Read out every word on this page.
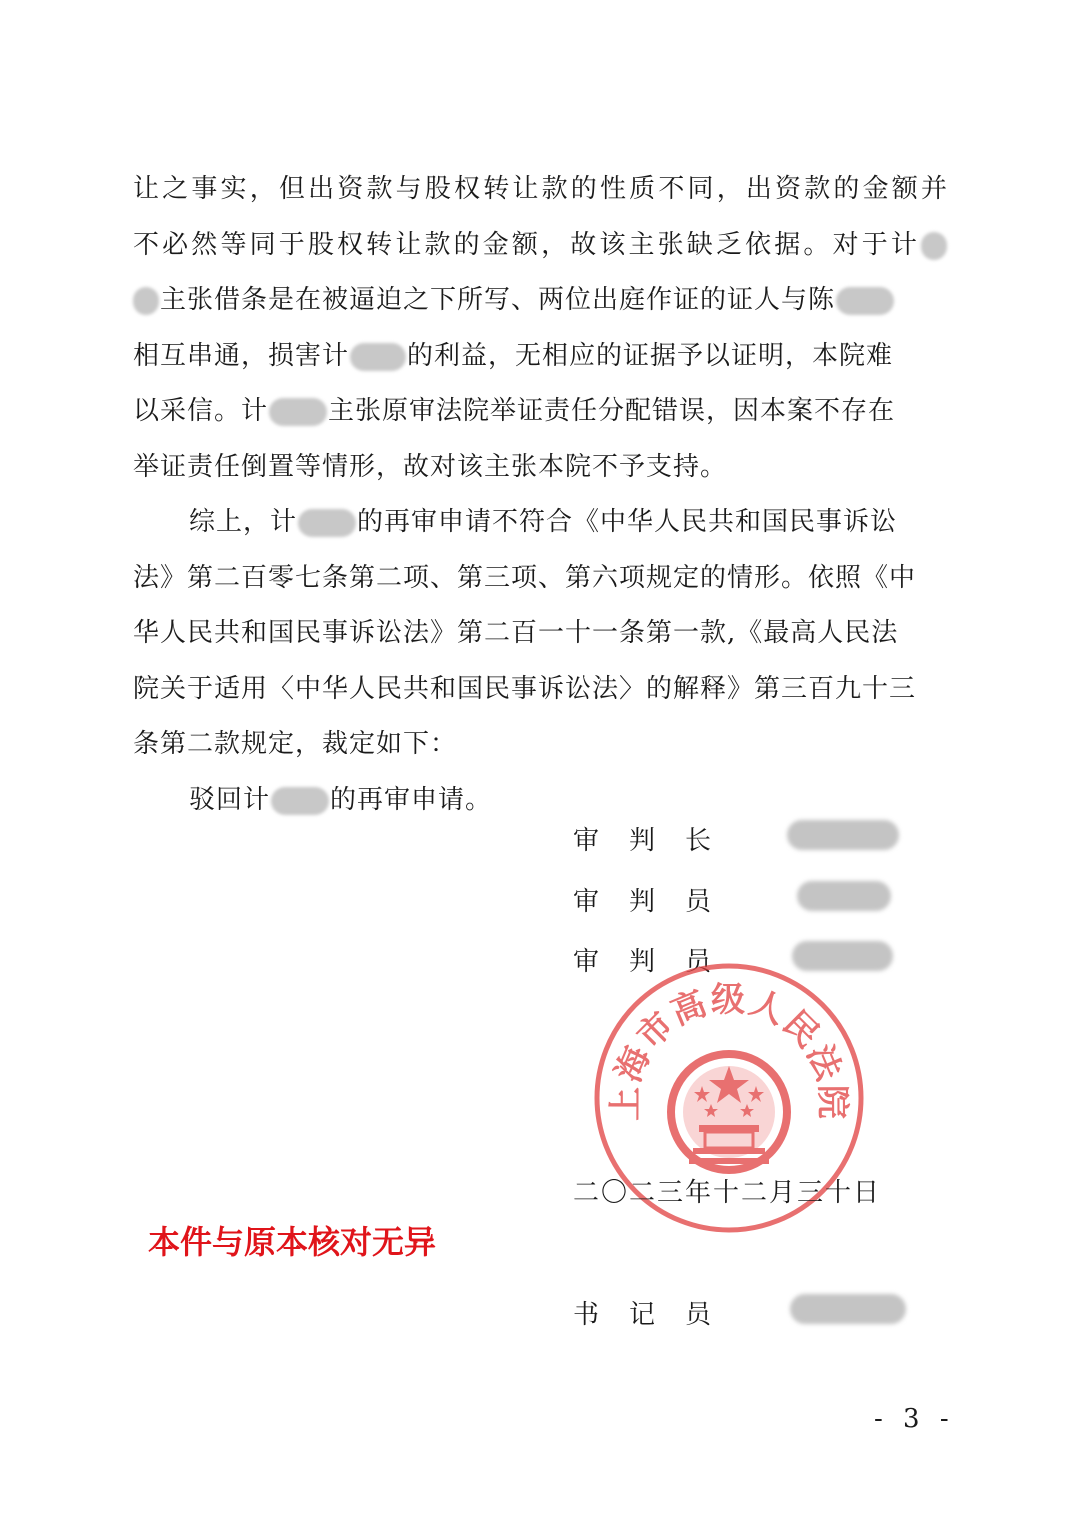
让之事实，但出资款与股权转让款的性质不同，出资款的金额并
不必然等同于股权转让款的金额，故该主张缺乏依据。对于计
主张借条是在被逼迫之下所写、两位出庭作证的证人与陈
相互串通，损害计 的利益，无相应的证据予以证明，本院难
以采信。计 主张原审法院举证责任分配错误，因本案不存在
举证责任倒置等情形，故对该主张本院不予支持。
综上，计 的再审申请不符合《中华人民共和国民事诉讼
法》第二百零七条第二项、第三项、第六项规定的情形。依照《中
华人民共和国民事诉讼法》第二百一十一条第一款,《最高人民法
院关于适用〈中华人民共和国民事诉讼法〉的解释》第三百九十三
条第二款规定，裁定如下：
驳回计 的再审申请。
审判长
审判员
审判员
上海市高级人民法院
二〇二三年十二月三十日
本件与原本核对无异
书记员
- 3 -
